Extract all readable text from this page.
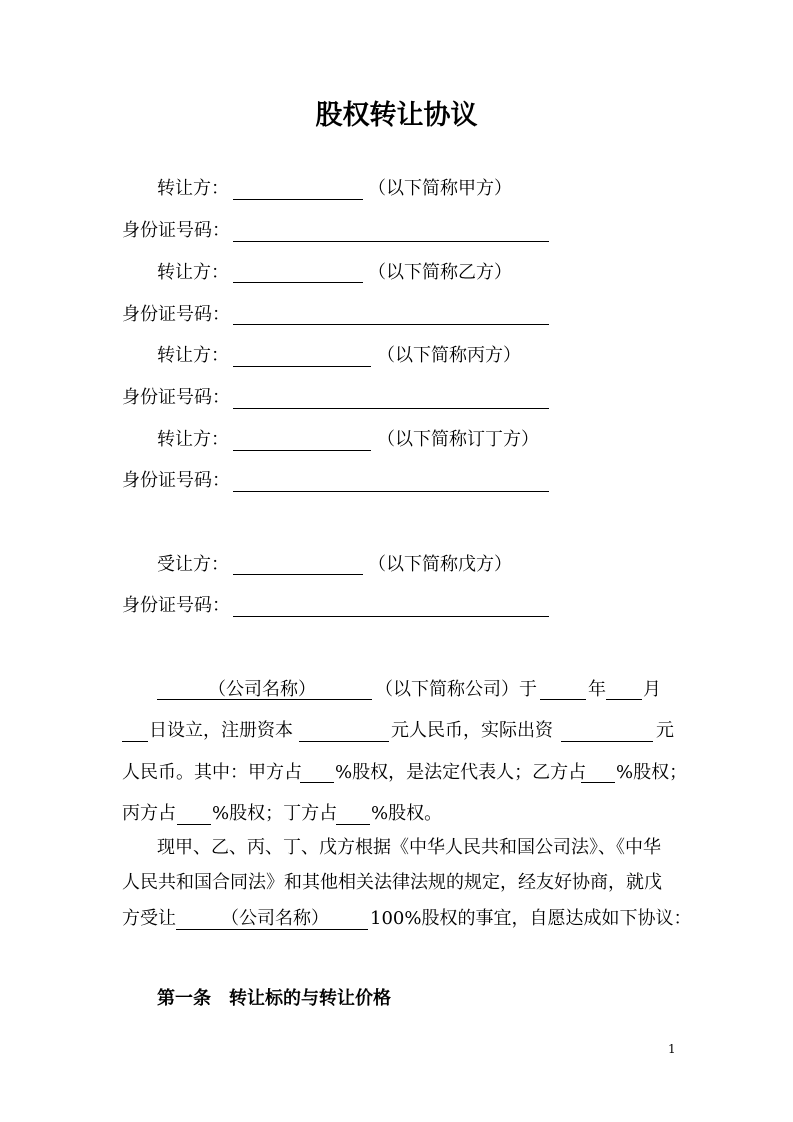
股权转让协议
转让方：	（以下简称甲方）
身份证号码：
转让方：	（以下简称乙方）
身份证号码：
转让方：	（以下简称丙方）
身份证号码：
转让方：	（以下简称订丁方）
身份证号码：
受让方：	（以下简称戊方）
身份证号码：
（公司名称）	（以下简称公司）于	年 月
日设立，注册资本	元人民币，实际出资	元
人民币。其中：甲方占 %股权，是法定代表人；乙方占 %股权；
丙方占 %股权；丁方占 %股权。
现甲、乙、丙、丁、戊方根据《中华人民共和国公司法》、《中华
人民共和国合同法》和其他相关法律法规的规定，经友好协商，就戊
方受让	（公司名称） 100%股权的事宜，自愿达成如下协议：
第一条　转让标的与转让价格
1
